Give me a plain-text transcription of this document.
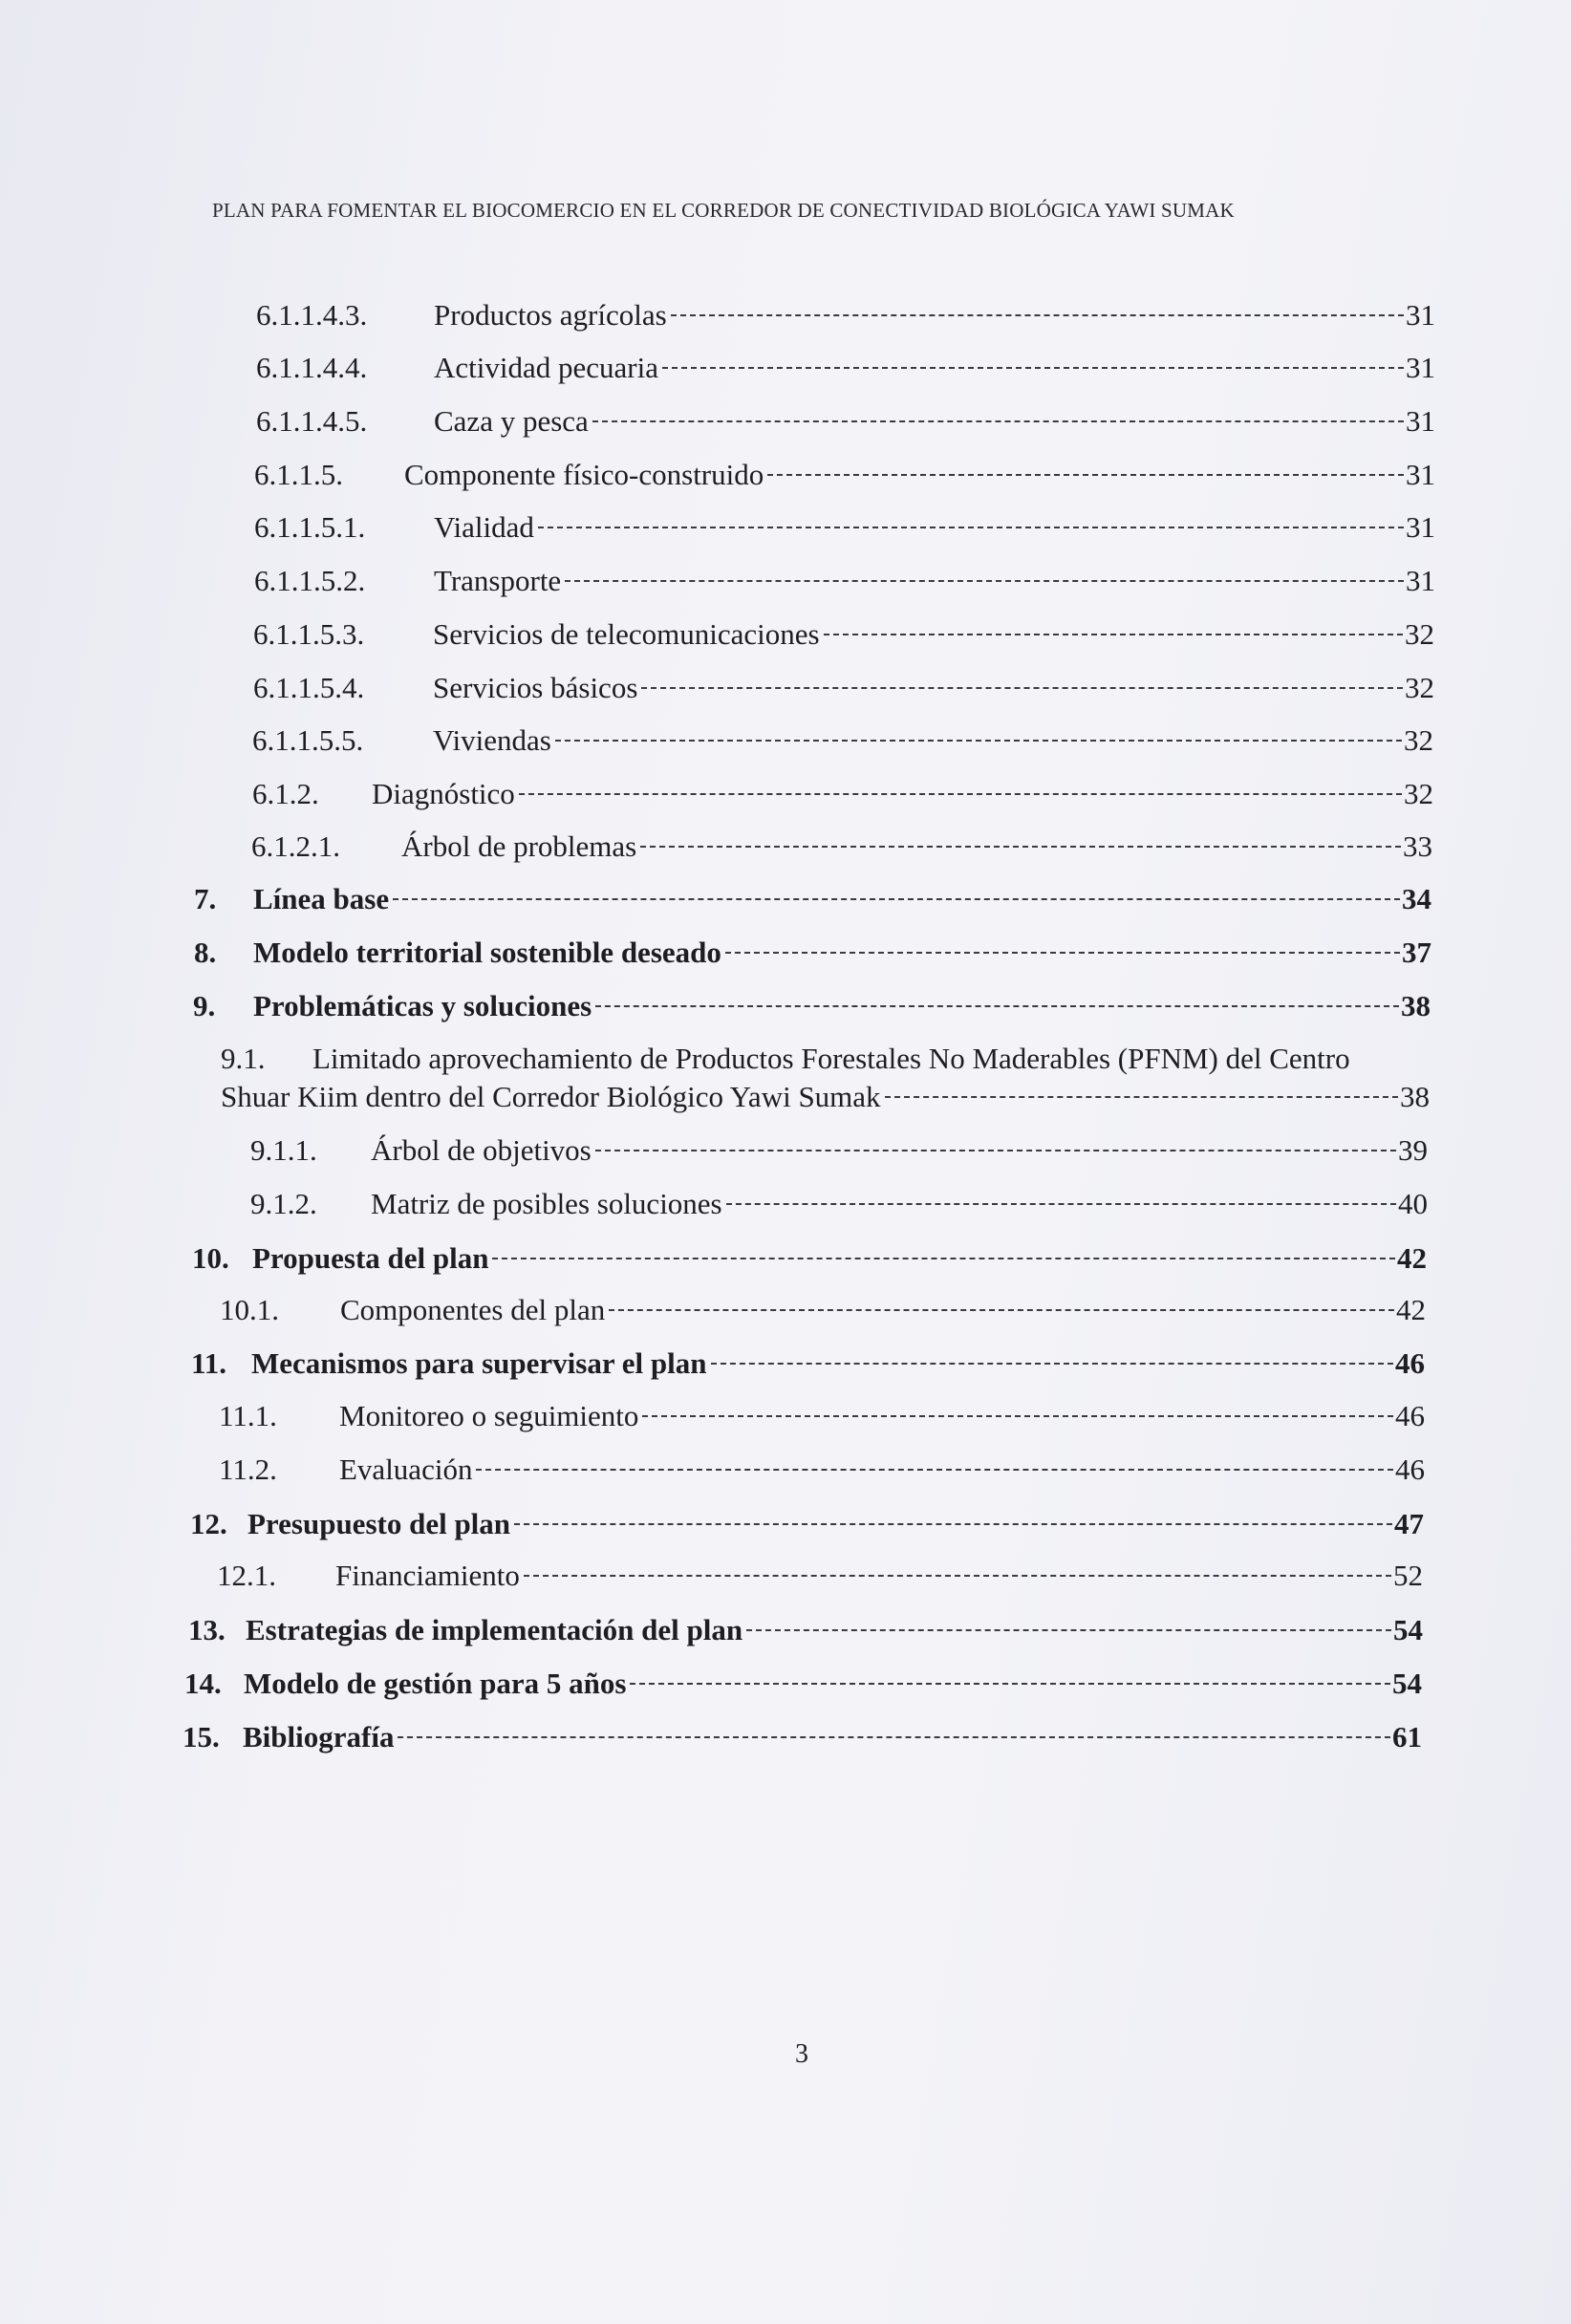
PLAN PARA FOMENTAR EL BIOCOMERCIO EN EL CORREDOR DE CONECTIVIDAD BIOLÓGICA YAWI SUMAK
6.1.1.4.3.	Productos agrícolas	31
6.1.1.4.4.	Actividad pecuaria	31
6.1.1.4.5.	Caza y pesca	31
6.1.1.5.	Componente físico-construido	31
6.1.1.5.1.	Vialidad	31
6.1.1.5.2.	Transporte	31
6.1.1.5.3.	Servicios de telecomunicaciones	32
6.1.1.5.4.	Servicios básicos	32
6.1.1.5.5.	Viviendas	32
6.1.2.	Diagnóstico	32
6.1.2.1.	Árbol de problemas	33
7.	Línea base	34
8.	Modelo territorial sostenible deseado	37
9.	Problemáticas y soluciones	38
9.1. Limitado aprovechamiento de Productos Forestales No Maderables (PFNM) del Centro
Shuar Kiim dentro del Corredor Biológico Yawi Sumak	38
9.1.1.	Árbol de objetivos	39
9.1.2.	Matriz de posibles soluciones	40
10. Propuesta del plan	42
10.1.	Componentes del plan	42
11. Mecanismos para supervisar el plan	46
11.1.	Monitoreo o seguimiento	46
11.2.	Evaluación	46
12. Presupuesto del plan	47
12.1.	Financiamiento	52
13. Estrategias de implementación del plan	54
14. Modelo de gestión para 5 años	54
15. Bibliografía	61
3
